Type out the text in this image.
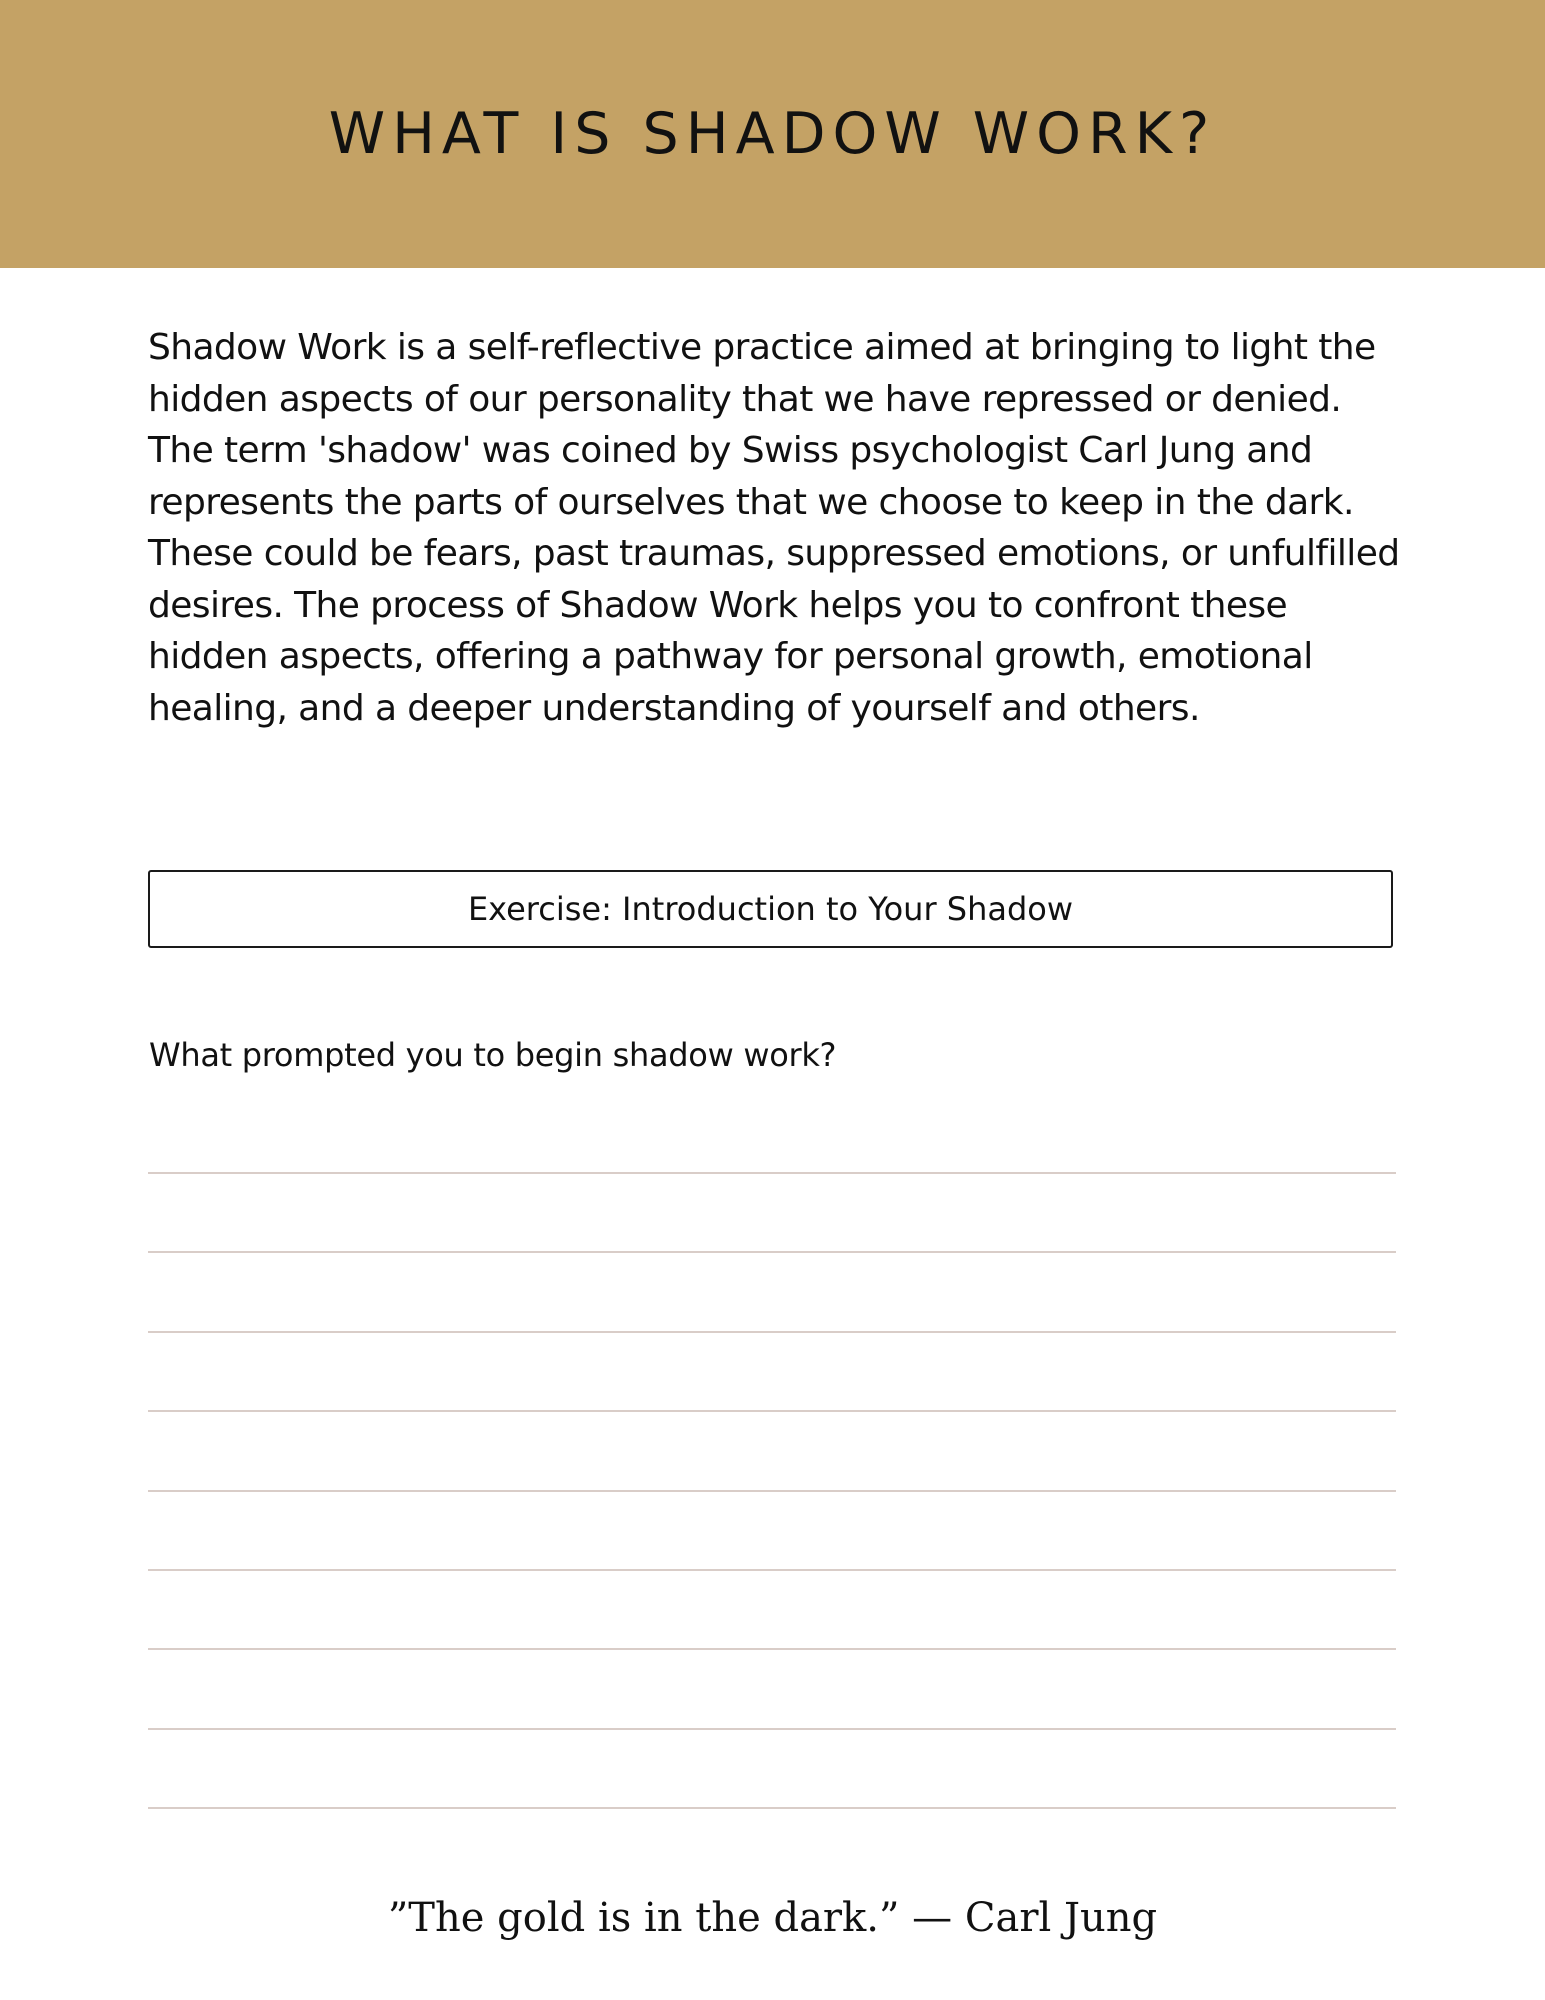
WHAT IS SHADOW WORK?

Shadow Work is a self-reflective practice aimed at bringing to light the hidden aspects of our personality that we have repressed or denied. The term 'shadow' was coined by Swiss psychologist Carl Jung and represents the parts of ourselves that we choose to keep in the dark. These could be fears, past traumas, suppressed emotions, or unfulfilled desires. The process of Shadow Work helps you to confront these hidden aspects, offering a pathway for personal growth, emotional healing, and a deeper understanding of yourself and others.

Exercise: Introduction to Your Shadow

What prompted you to begin shadow work?

”The gold is in the dark.” — Carl Jung
